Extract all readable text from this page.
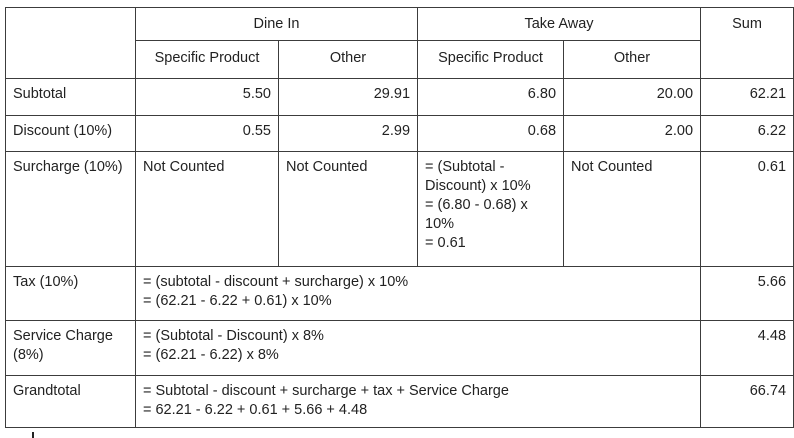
	Dine In		Take Away		Sum
	Specific Product	Other	Specific Product	Other	
Subtotal	5.50	29.91	6.80	20.00	62.21
Discount (10%)	0.55	2.99	0.68	2.00	6.22
Surcharge (10%)	Not Counted	Not Counted	= (Subtotal -
Discount) x 10%
= (6.80 - 0.68) x
10%
= 0.61	Not Counted	0.61
Tax (10%)	= (subtotal - discount + surcharge) x 10%
= (62.21 - 6.22 + 0.61) x 10%				5.66
Service Charge (8%)	= (Subtotal - Discount) x 8%
= (62.21 - 6.22) x 8%				4.48
Grandtotal	= Subtotal - discount + surcharge + tax + Service Charge
= 62.21 - 6.22 + 0.61 + 5.66 + 4.48				66.74
